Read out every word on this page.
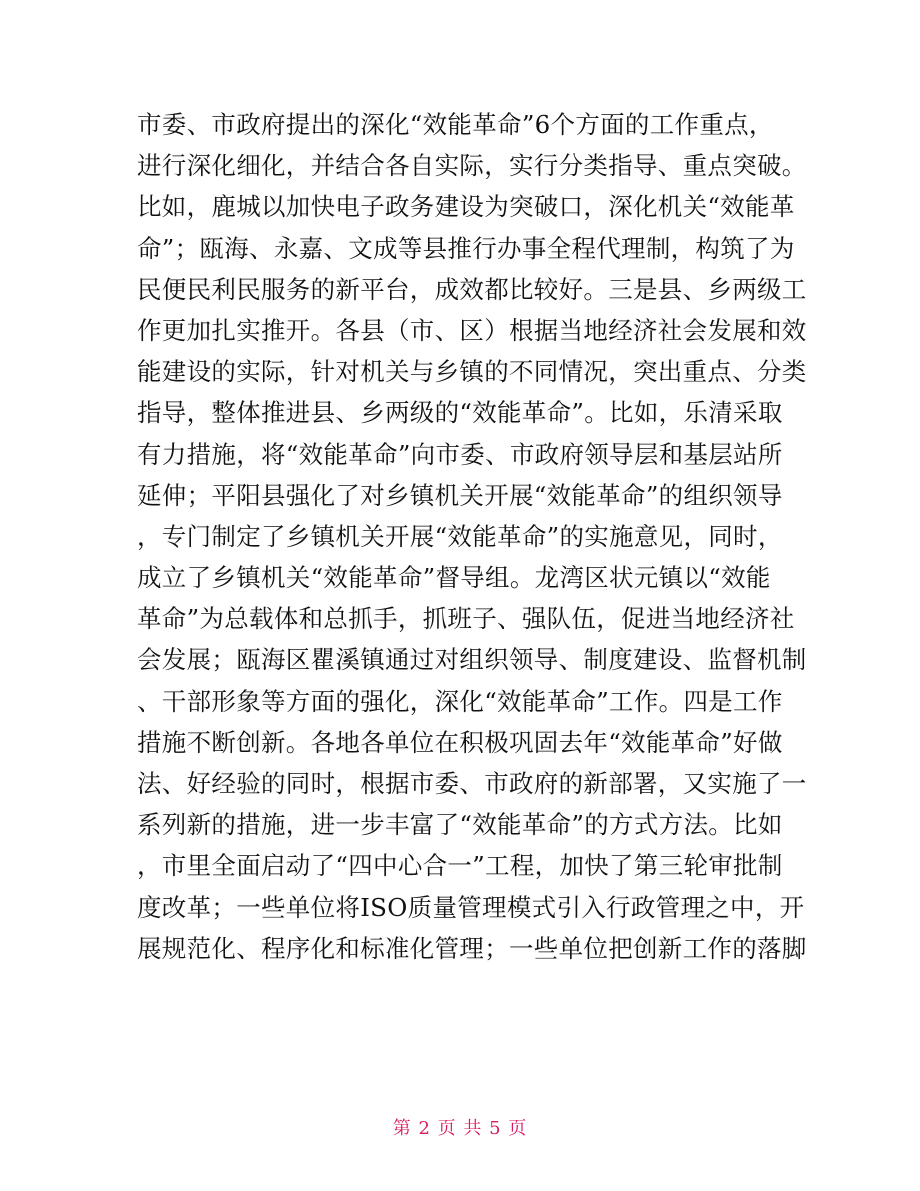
市委、市政府提出的深化“效能革命”6个方面的工作重点，
进行深化细化，并结合各自实际，实行分类指导、重点突破。
比如，鹿城以加快电子政务建设为突破口，深化机关“效能革
命”；瓯海、永嘉、文成等县推行办事全程代理制，构筑了为
民便民利民服务的新平台，成效都比较好。三是县、乡两级工
作更加扎实推开。各县（市、区）根据当地经济社会发展和效
能建设的实际，针对机关与乡镇的不同情况，突出重点、分类
指导，整体推进县、乡两级的“效能革命”。比如，乐清采取
有力措施，将“效能革命”向市委、市政府领导层和基层站所
延伸；平阳县强化了对乡镇机关开展“效能革命”的组织领导
，专门制定了乡镇机关开展“效能革命”的实施意见，同时，
成立了乡镇机关“效能革命”督导组。龙湾区状元镇以“效能
革命”为总载体和总抓手，抓班子、强队伍，促进当地经济社
会发展；瓯海区瞿溪镇通过对组织领导、制度建设、监督机制
、干部形象等方面的强化，深化“效能革命”工作。四是工作
措施不断创新。各地各单位在积极巩固去年“效能革命”好做
法、好经验的同时，根据市委、市政府的新部署，又实施了一
系列新的措施，进一步丰富了“效能革命”的方式方法。比如
，市里全面启动了“四中心合一”工程，加快了第三轮审批制
度改革；一些单位将ISO质量管理模式引入行政管理之中，开
展规范化、程序化和标准化管理；一些单位把创新工作的落脚
第 2 页 共 5 页
